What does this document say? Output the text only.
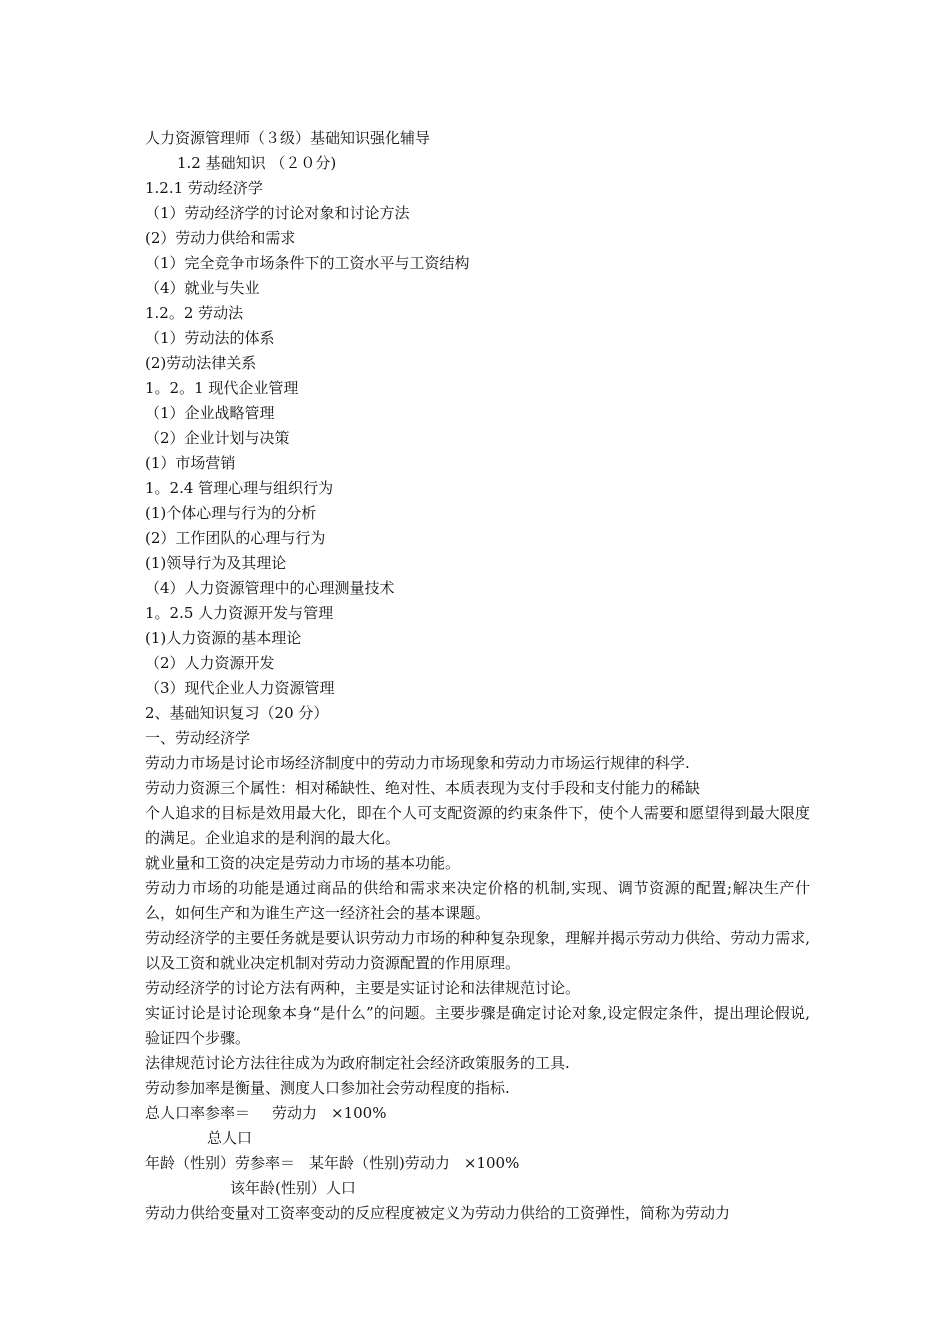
人力资源管理师（３级）基础知识强化辅导
1.2 基础知识 （２０分)
1.2.1 劳动经济学
（1）劳动经济学的讨论对象和讨论方法
(2）劳动力供给和需求
（1）完全竞争市场条件下的工资水平与工资结构
（4）就业与失业
1.2。2 劳动法
（1）劳动法的体系
(2)劳动法律关系
1。2。1 现代企业管理
（1）企业战略管理
（2）企业计划与决策
(1）市场营销
1。2.4 管理心理与组织行为
(1)个体心理与行为的分析
(2）工作团队的心理与行为
(1)领导行为及其理论
（4）人力资源管理中的心理测量技术
1。2.5 人力资源开发与管理
(1)人力资源的基本理论
（2）人力资源开发
（3）现代企业人力资源管理
2、基础知识复习（20 分）
一、劳动经济学
劳动力市场是讨论市场经济制度中的劳动力市场现象和劳动力市场运行规律的科学.
劳动力资源三个属性：相对稀缺性、绝对性、本质表现为支付手段和支付能力的稀缺
个人追求的目标是效用最大化，即在个人可支配资源的约束条件下，使个人需要和愿望得到最大限度的满足。企业追求的是利润的最大化。
就业量和工资的决定是劳动力市场的基本功能。
劳动力市场的功能是通过商品的供给和需求来决定价格的机制,实现、调节资源的配置;解决生产什么，如何生产和为谁生产这一经济社会的基本课题。
劳动经济学的主要任务就是要认识劳动力市场的种种复杂现象，理解并揭示劳动力供给、劳动力需求,以及工资和就业决定机制对劳动力资源配置的作用原理。
劳动经济学的讨论方法有两种，主要是实证讨论和法律规范讨论。
实证讨论是讨论现象本身“是什么”的问题。主要步骤是确定讨论对象,设定假定条件，提出理论假说,验证四个步骤。
法律规范讨论方法往往成为为政府制定社会经济政策服务的工具.
劳动参加率是衡量、测度人口参加社会劳动程度的指标.
总人口率参率＝ 劳动力 ×100%
总人口
年龄（性别）劳参率＝ 某年龄（性别)劳动力 ×100%
该年龄(性别）人口
劳动力供给变量对工资率变动的反应程度被定义为劳动力供给的工资弹性，简称为劳动力
